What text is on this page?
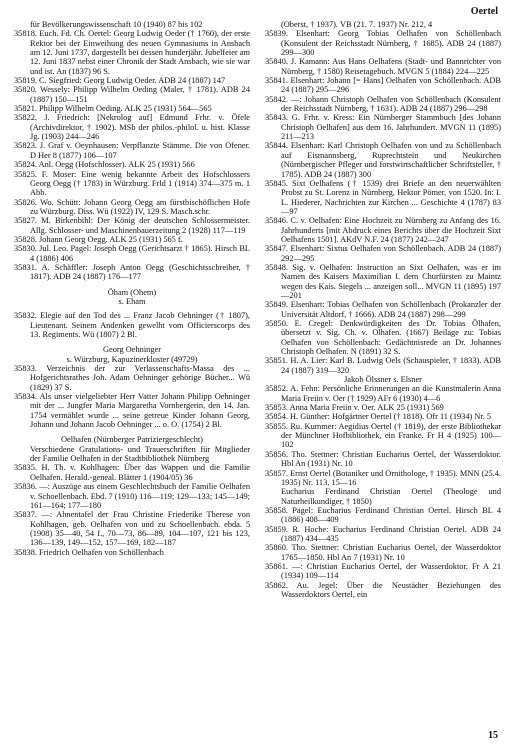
Oertel

für Bevölkerungswissenschaft 10 (1940) 87 bis 102

35818. Euch. Fd. Ch. Oertel: Georg Ludwig Oeder († 1760), der erste Rektor bei der Einweihung des neuen Gymnasiums in Ansbach am 12. Juni 1737, dargestellt bei dessen hunderjähr. Jubelfeier am 12. Juni 1837 nebst einer Chronik der Stadt Ansbach, wie sie war und ist. An (1837) 96 S.

35819. C. Siegfried: Georg Ludwig Oeder. ADB 24 (1887) 147

35820. Wessely: Philipp Wilhelm Oeding (Maler, † 1781). ADB 24 (1887) 150—151

35821. Philipp Wilhelm Oeding. ALK 25 (1931) 564—565

35822. J. Friedrich: [Nekrolog auf] Edmund Frhr. v. Öfele (Archivdirektor, † 1902). MSb der philos.-philol. u. hist. Klasse Jg. (1903) 244—246

35823. J. Graf v. Oeynhausen: Verpflanzte Stämme. Die von Ofener. D Her 8 (1877) 106—107

35824. Anl. Oegg (Hofschlosser). ALK 25 (1931) 566

35825. F. Moser: Eine wenig bekannte Arbeit des Hofschlossers Georg Oegg († 1783) in Würzburg. Frld 1 (1914) 374—375 m. 1 Abb.

35826. Wo. Schütt: Johann Georg Oegg am fürstbischöflichen Hofe zu Würzburg. Diss. Wü (1922) IV, 129 S. Masch.schr.

35827. M. Birkenbihl: Der König der deutschen Schlossermeister. Allg. Schlosser- und Maschinenbauerzeitung 2 (1928) 117—119

35828. Johann Georg Oegg. ALK 25 (1931) 565 f.

35830. Jul. Leo. Pagel: Joseph Oegg (Gerichtsarzt † 1865). Hirsch BL 4 (1886) 406

35831. A. Schäffler: Joseph Anton Oegg (Geschichtsschreiber, † 1817). ADB 24 (1887) 176—177

Öham (Ohem)

s. Eham

35832. Elegie auf den Tod des ... Franz Jacob Oehninger († 1807), Lieutenant. Seinem Andenken gewelht vom Officierscorps des 13. Regiments. Wü (1807) 2 Bl.

Georg Oehninger

s. Würzburg, Kapuzinerkloster (49729)

35833. Verzeichnis der zur Verlassenschafts-Massa des ... Hofgerichtsrathes Joh. Adam Oehninger gehörige Bücher... Wü (1829) 37 S.

35834. Als unser vielgeliebter Herr Vatter Johann Philipp Oehninger mit der ... Jungfer Maria Margaretha Vornbergerin, den 14. Jan. 1754 vermählet wurde ... seine getreue Kinder Johann Georg, Johann und Johann Jacob Oehninger ... o. O. (1754) 2 Bl.

Oelhafen (Nürnberger Patriziergeschlecht)

Verschiedene Gratulations- und Trauerschriften für Mitglieder der Familie Oelhafen in der Stadtbibliothek Nürnberg

35835. H. Th. v. Kohlhagen: Über das Wappen und die Familie Oelhafen. Herald.-geneal. Blätter 1 (1904/05) 36

35836. —: Auszüge aus einem Geschlechtsbuch der Familie Oelhafen v. Schoellenbach. Ebd. 7 (1910) 116—119; 129—133; 145—149; 161—164; 177—180

35837. —: Ahnentafel der Frau Christine Friederike Therese von Kohlhagen, geb. Oelhafen von und zu Schoellenbach. ebda. 5 (1908) 35—40, 54 f., 70—73, 86—89, 104—107, 121 bis 123, 136—139, 149—152, 157—169, 182—187

35838. Friedrich Oelhafen von Schöllenbach

(Oberst, † 1937). VB (21. 7. 1937) Nr. 212, 4

35839. Elsenhart: Georg Tobias Oelhafen von Schöllenbach (Konsulent der Reichsstadt Nürnberg, † 1685). ADB 24 (1887) 299—300

35840. J. Kamann: Aus Hans Oelhafens (Stadt- und Bannrichter von Nürnberg, † 1580) Reisetagebuch. MVGN 5 (1884) 224—225

35841. Elsenhart: Johann [= Hans] Oelhafen von Schöllenbach. ADB 24 (1887) 295—296

35842. —: Johann Christoph Oelhafen von Schöllenbach (Konsulent der Reichsstadt Nürnberg, † 1631). ADB 24 (1887) 296—298

35843. G. Frhr. v. Kress: Ein Nürnberger Stammbuch [des Johann Christoph Oelhafen] aus dem 16. Jahrhundert. MVGN 11 (1895) 211—213

35844. Elsenhart: Karl Christoph Oelhafen von und zu Schöllenbach auf Eismannsberg, Ruprechtstein und Neukirchen (Nürnbergischer Pfleger und forstwirtschaftlicher Schriftsteller, † 1785). ADB 24 (1887) 300

35845. Sixt Oelhafens († 1539) drei Briefe an den neuerwählten Probst zu St. Lorenz in Nürnberg, Hektor Pömer, von 1520. In: I. L. Hiederer, Nachrichten zur Kirchen ... Geschichte 4 (1787) 83—97

35846. C. v. Oelhafen: Eine Hochzeit zu Nürnberg zu Anfang des 16. Jahrhunderts [mit Abdruck eines Berichts über die Hochzeit Sixt Oelhafens 1501]. AKdV N.F. 24 (1877) 242—247

35847. Elsenhart: Sixtus Oelhafen von Schöllenbach. ADB 24 (1887) 292—295

35848. Sig. v. Oelhafen: Instruction an Sixt Oelhafen, was er im Namen des Kaisers Maximilian I. dem Churfürsten zu Maintz wegen des Kais. Siegels ... anzeigen soll... MVGN 11 (1895) 197—201

35849. Elsenhart: Tobias Oelhafen von Schöllenbach (Prokanzler der Universität Altdorf, † 1666). ADB 24 (1887) 298—299

35850. E. Cregel: Denkwürdigkeiten des Dr. Tobias Ölhafen, übersetzt v. Sig. Ch. v. Olhafen. (1667) Beilage zu: Tobias Oelhafen von Schöllenbach: Gedächtnisrede an Dr. Johannes Christoph Oelhafen. N (1891) 32 S.

35851. H. A. Lier: Karl B. Ludwig Oels (Schauspieler, † 1833). ADB 24 (1887) 319—320

Jakob Ölssner s. Elsner

35852. A. Fehn: Persönliche Erinnerungen an die Kunstmalerin Anna Maria Freiin v. Oer († 1929) AFr 6 (1930) 4—6

35853. Anna Maria Freiin v. Oer. ALK 25 (1931) 569

35854. H. Günther: Hofgärtner Oertel († 1818). Ofr 11 (1934) Nr. 5

35855. Ru. Kummer: Aegidius Oertel († 1819), der erste Bibliothekar der Münchner Hofbibliothek, ein Franke. Fr H 4 (1925) 100—102

35856. Tho. Stettner: Christian Eucharius Oertel, der Wasserdoktor. Hbl An (1931) Nr. 10

35857. Ernst Oertel (Botaniker und Ornithologe, † 1935). MNN (25.4. 1935) Nr. 113, 15—16

Eucharius Ferdinand Christian Oertel (Theologe und Naturheilkundiger, † 1850)

35858. Pagel: Eucharius Ferdinand Christian Oertel. Hirsch BL 4 (1886) 408—409

35859. R. Hoche: Eucharius Ferdinand Christian Oertel. ADB 24 (1887) 434—435

35860. Tho. Stettner: Christian Eucharius Oertel, der Wasserdoktor 1765—1850. Hbl An 7 (1931) Nr. 10

35861. —: Christian Eucharius Oertel, der Wasserdoktor. Fr A 21 (1934) 109—114

35862. Au. Jegel: Über die Neustädter Beziehungen des Wasserdoktors Oertel, ein

15
